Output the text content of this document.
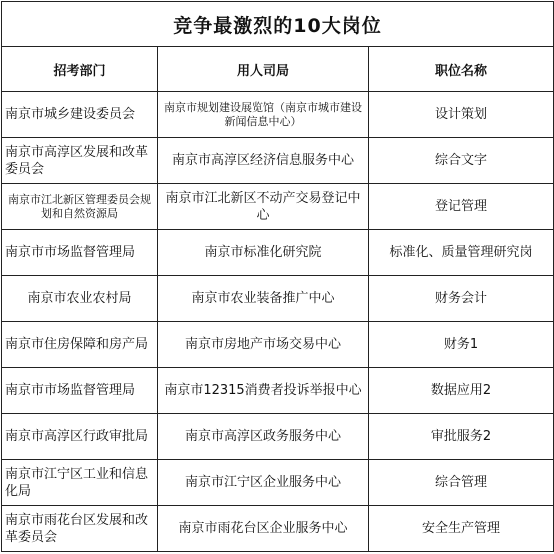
竞争最激烈的10大岗位		
招考部门	用人司局	职位名称
南京市城乡建设委员会	南京市规划建设展览馆（南京市城市建设新闻信息中心）	设计策划
南京市高淳区发展和改革委员会	南京市高淳区经济信息服务中心	综合文字
南京市江北新区管理委员会规划和自然资源局	南京市江北新区不动产交易登记中心	登记管理
南京市市场监督管理局	南京市标准化研究院	标准化、质量管理研究岗
南京市农业农村局	南京市农业装备推广中心	财务会计
南京市住房保障和房产局	南京市房地产市场交易中心	财务1
南京市市场监督管理局	南京市12315消费者投诉举报中心	数据应用2
南京市高淳区行政审批局	南京市高淳区政务服务中心	审批服务2
南京市江宁区工业和信息化局	南京市江宁区企业服务中心	综合管理
南京市雨花台区发展和改革委员会	南京市雨花台区企业服务中心	安全生产管理
